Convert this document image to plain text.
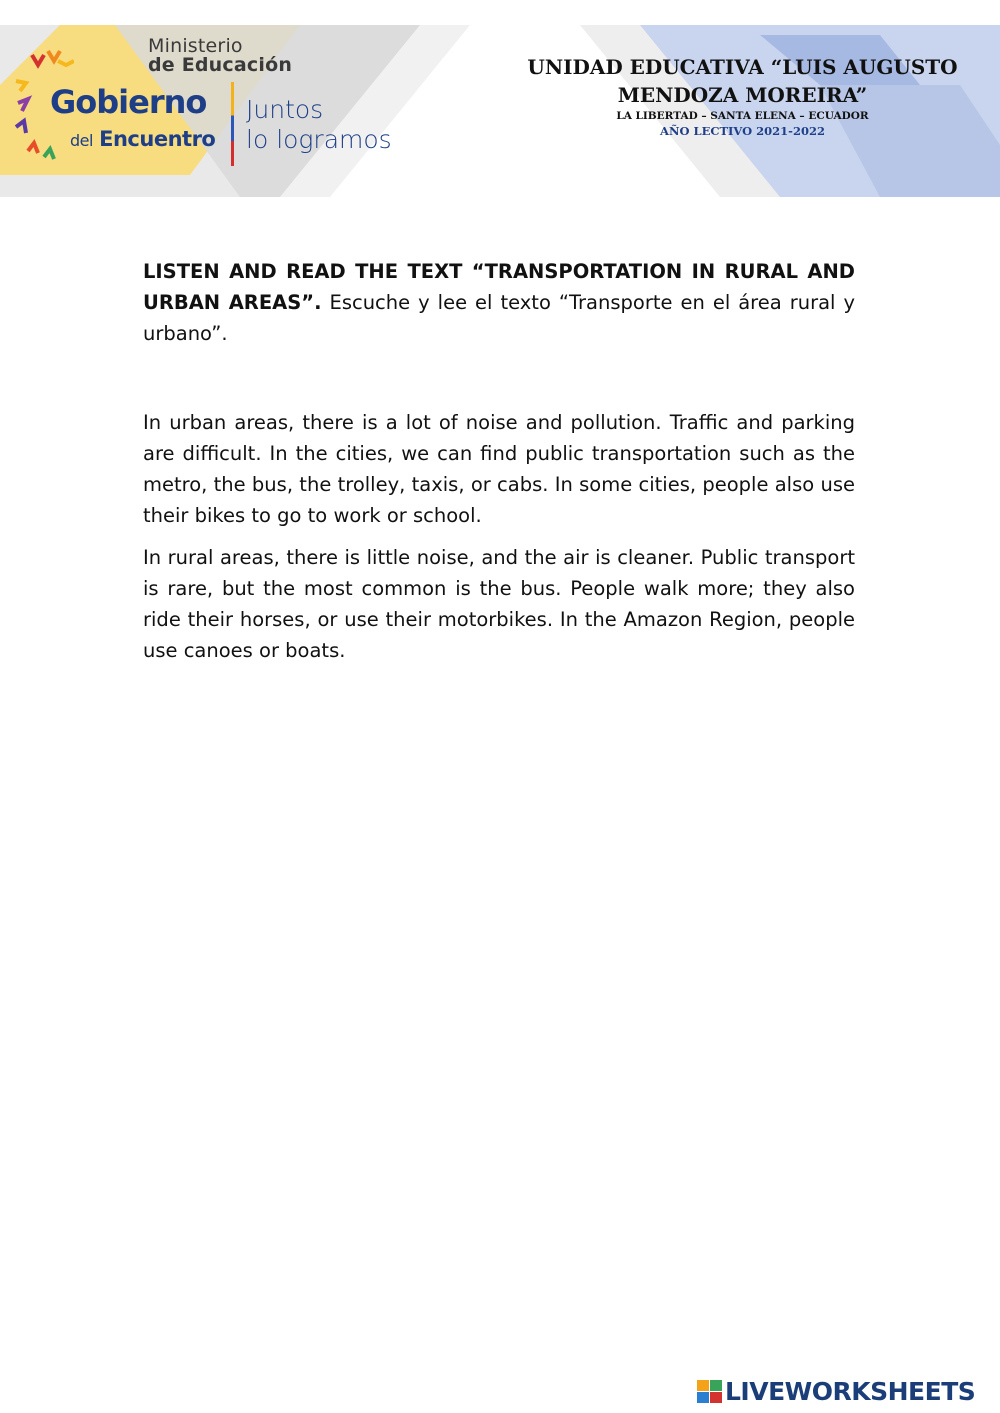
Ministerio
de Educación
Gobierno
del Encuentro
Juntos
lo logramos

UNIDAD EDUCATIVA “LUIS AUGUSTO

MENDOZA MOREIRA”

LA LIBERTAD – SANTA ELENA – ECUADOR

AÑO LECTIVO 2021-2022

LISTEN AND READ THE TEXT “TRANSPORTATION IN RURAL AND URBAN AREAS”. Escuche y lee el texto “Transporte en el área rural y urbano”.

In urban areas, there is a lot of noise and pollution. Traffic and parking are difficult. In the cities, we can find public transportation such as the metro, the bus, the trolley, taxis, or cabs. In some cities, people also use their bikes to go to work or school.

In rural areas, there is little noise, and the air is cleaner. Public transport is rare, but the most common is the bus. People walk more; they also ride their horses, or use their motorbikes. In the Amazon Region, people use canoes or boats.

LIVEWORKSHEETS
